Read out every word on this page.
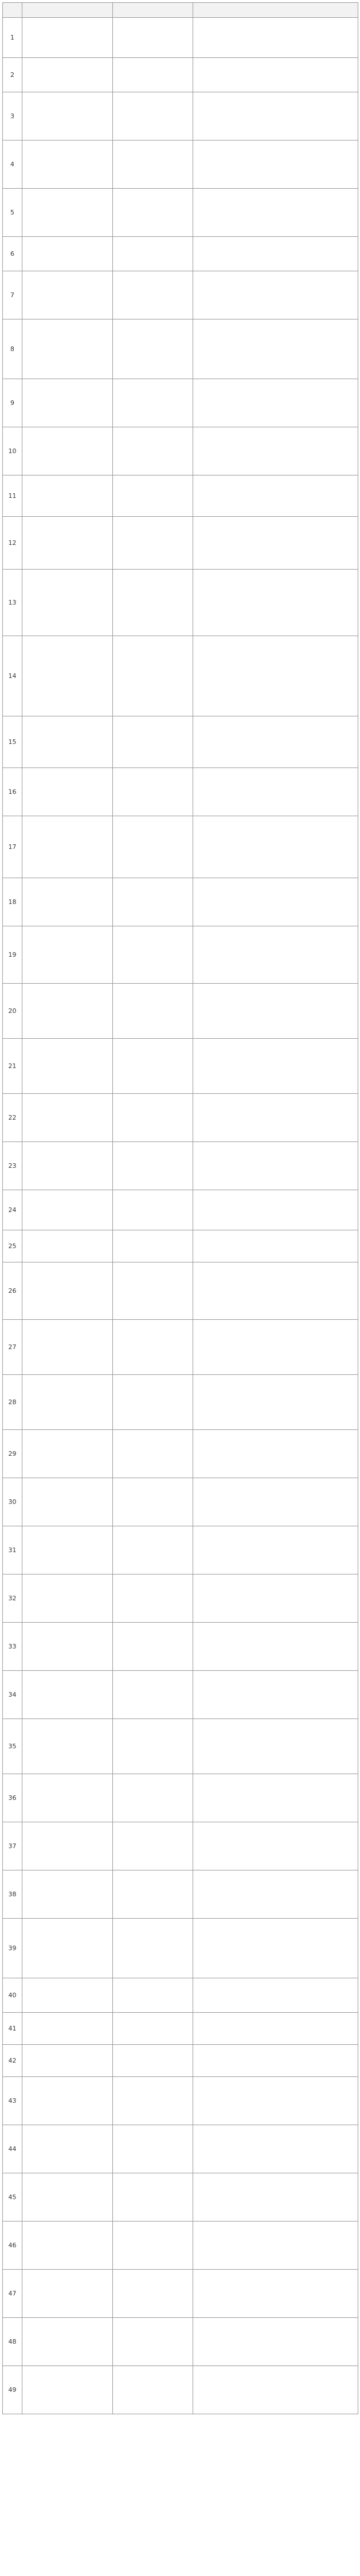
1			
2			
3			
4			
5			
6			
7			
8			
9			
10			
11			
12			
13			
14			
15			
16			
17			
18			
19			
20			
21			
22			
23			
24			
25			
26			
27			
28			
29			
30			
31			
32			
33			
34			
35			
36			
37			
38			
39			
40			
41			
42			
43			
44			
45			
46			
47			
48			
49			
